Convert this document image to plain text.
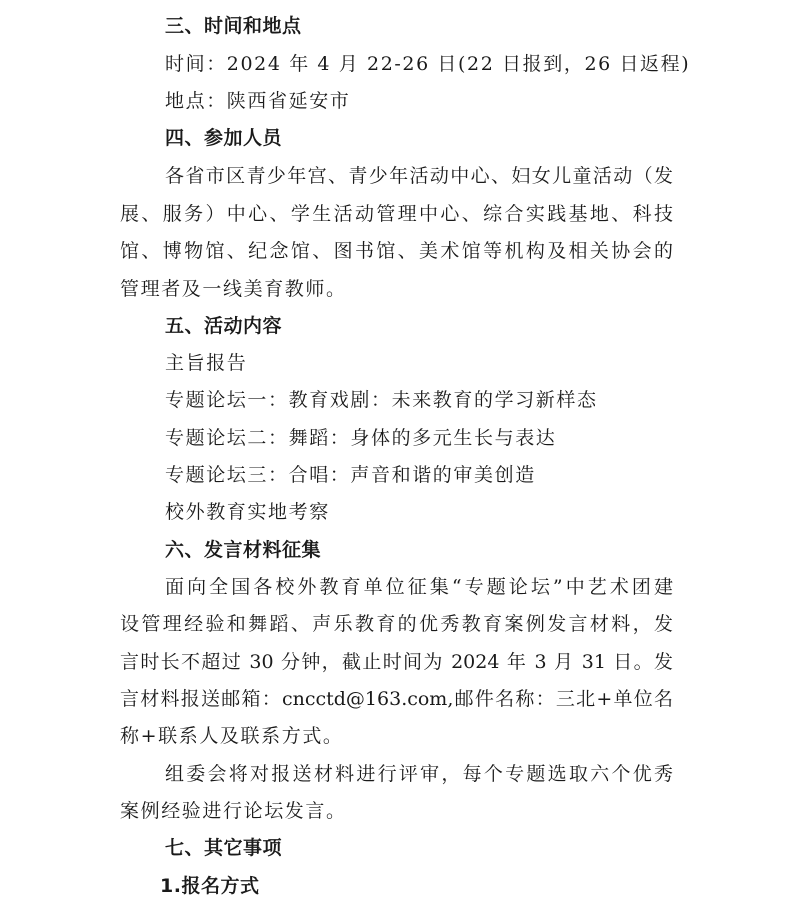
三、时间和地点
时间：2024 年 4 月 22-26 日(22 日报到，26 日返程)
地点：陕西省延安市
四、参加人员
各省市区青少年宫、青少年活动中心、妇女儿童活动（发
展、服务）中心、学生活动管理中心、综合实践基地、科技
馆、博物馆、纪念馆、图书馆、美术馆等机构及相关协会的
管理者及一线美育教师。
五、活动内容
主旨报告
专题论坛一：教育戏剧：未来教育的学习新样态
专题论坛二：舞蹈：身体的多元生长与表达
专题论坛三：合唱：声音和谐的审美创造
校外教育实地考察
六、发言材料征集
面向全国各校外教育单位征集“专题论坛”中艺术团建
设管理经验和舞蹈、声乐教育的优秀教育案例发言材料，发
言时长不超过 30 分钟，截止时间为 2024 年 3 月 31 日。发
言材料报送邮箱：cncctd@163.com,邮件名称：三北+单位名
称+联系人及联系方式。
组委会将对报送材料进行评审，每个专题选取六个优秀
案例经验进行论坛发言。
七、其它事项
1.报名方式
